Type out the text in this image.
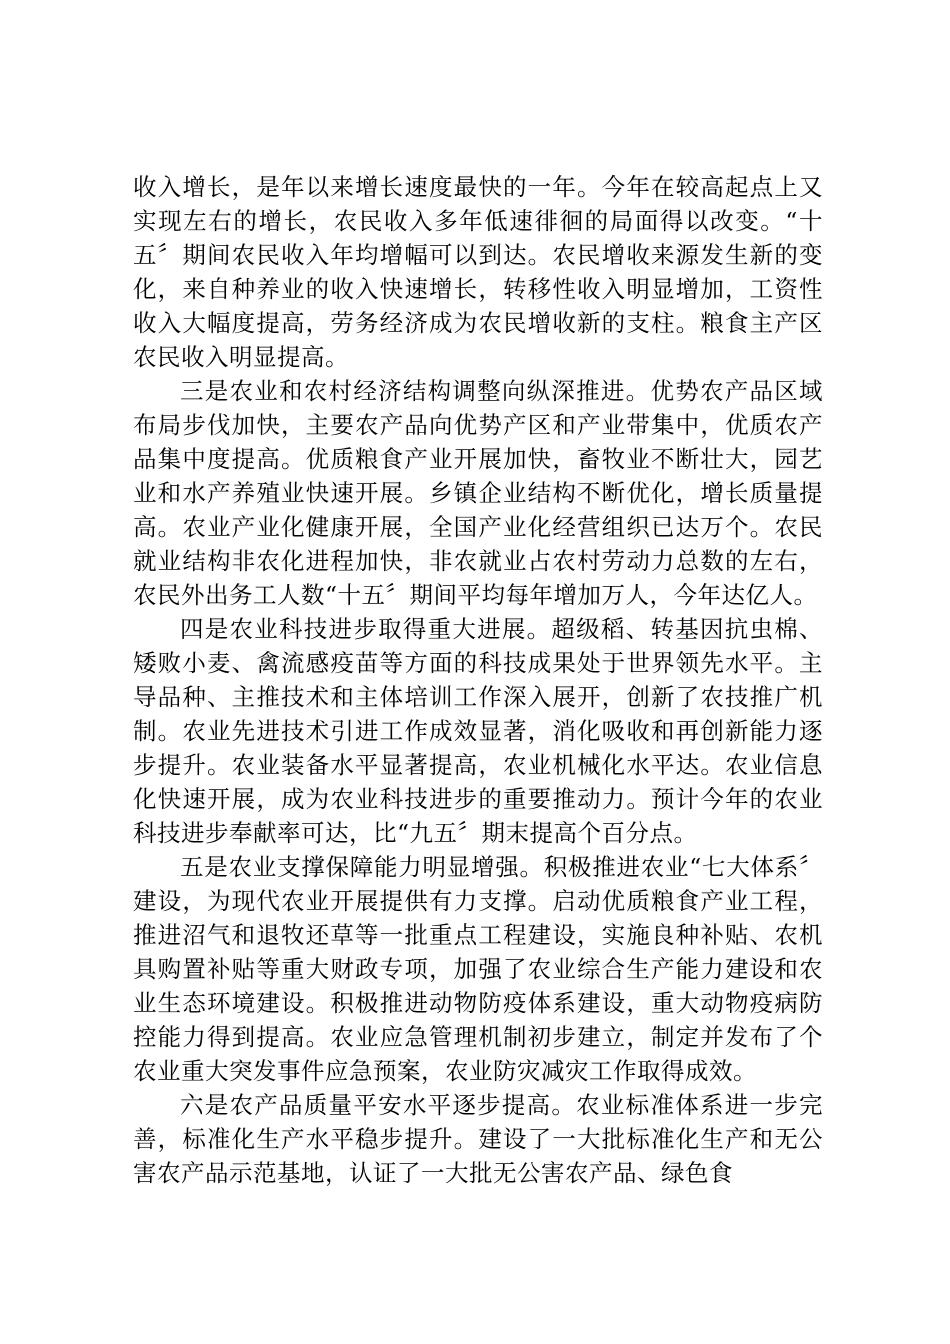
收入增长，是年以来增长速度最快的一年。今年在较高起点上又实现左右的增长，农民收入多年低速徘徊的局面得以改变。“十五〞期间农民收入年均增幅可以到达。农民增收来源发生新的变化，来自种养业的收入快速增长，转移性收入明显增加，工资性收入大幅度提高，劳务经济成为农民增收新的支柱。粮食主产区农民收入明显提高。

三是农业和农村经济结构调整向纵深推进。优势农产品区域布局步伐加快，主要农产品向优势产区和产业带集中，优质农产品集中度提高。优质粮食产业开展加快，畜牧业不断壮大，园艺业和水产养殖业快速开展。乡镇企业结构不断优化，增长质量提高。农业产业化健康开展，全国产业化经营组织已达万个。农民就业结构非农化进程加快，非农就业占农村劳动力总数的左右，农民外出务工人数“十五〞期间平均每年增加万人，今年达亿人。

四是农业科技进步取得重大进展。超级稻、转基因抗虫棉、矮败小麦、禽流感疫苗等方面的科技成果处于世界领先水平。主导品种、主推技术和主体培训工作深入展开，创新了农技推广机制。农业先进技术引进工作成效显著，消化吸收和再创新能力逐步提升。农业装备水平显著提高，农业机械化水平达。农业信息化快速开展，成为农业科技进步的重要推动力。预计今年的农业科技进步奉献率可达，比“九五〞期末提高个百分点。

五是农业支撑保障能力明显增强。积极推进农业“七大体系〞建设，为现代农业开展提供有力支撑。启动优质粮食产业工程，推进沼气和退牧还草等一批重点工程建设，实施良种补贴、农机具购置补贴等重大财政专项，加强了农业综合生产能力建设和农业生态环境建设。积极推进动物防疫体系建设，重大动物疫病防控能力得到提高。农业应急管理机制初步建立，制定并发布了个农业重大突发事件应急预案，农业防灾减灾工作取得成效。

六是农产品质量平安水平逐步提高。农业标准体系进一步完善，标准化生产水平稳步提升。建设了一大批标准化生产和无公害农产品示范基地，认证了一大批无公害农产品、绿色食
